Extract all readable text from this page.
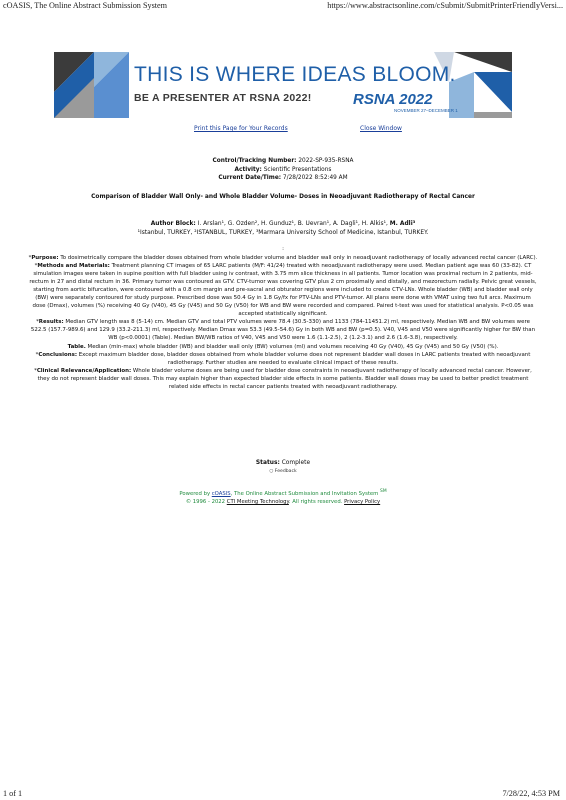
cOASIS, The Online Abstract Submission System	https://www.abstractsonline.com/cSubmit/SubmitPrinterFriendlyVersi...
THIS IS WHERE IDEAS BLOOM.
BE A PRESENTER AT RSNA 2022!	RSNA 2022
NOVEMBER 27–DECEMBER 1
Print this Page for Your Records	Close Window
Control/Tracking Number: 2022-SP-935-RSNA
Activity: Scientific Presentations
Current Date/Time: 7/28/2022 8:52:49 AM
Comparison of Bladder Wall Only- and Whole Bladder Volume- Doses in Neoadjuvant Radiotherapy of Rectal Cancer
Author Block: I. Arslan¹, G. Ozden², H. Gunduz¹, B. Uevran¹, A. Dagli¹, H. Alkis¹, M. Adli³
¹Istanbul, TURKEY, ²ISTANBUL, TURKEY, ³Marmara University School of Medicine, Istanbul, TURKEY.
:

*Purpose: To dosimetrically compare the bladder doses obtained from whole bladder volume and bladder wall only in neoadjuvant radiotherapy of locally advanced rectal cancer (LARC).

*Methods and Materials: Treatment planning CT images of 65 LARC patients (M/F: 41/24) treated with neoadjuvant radiotherapy were used. Median patient age was 60 (33-82). CT simulation images were taken in supine position with full bladder using iv contrast, with 3.75 mm slice thickness in all patients. Tumor location was proximal rectum in 2 patients, mid-rectum in 27 and distal rectum in 36. Primary tumor was contoured as GTV. CTV-tumor was covering GTV plus 2 cm proximally and distally, and mezorectum radially. Pelvic great vessels, starting from aortic bifurcation, were contoured with a 0.8 cm margin and pre-sacral and obturator regions were included to create CTV-LNs. Whole bladder (WB) and bladder wall only (BW) were separately contoured for study purpose. Prescribed dose was 50.4 Gy in 1.8 Gy/fx for PTV-LNs and PTV-tumor. All plans were done with VMAT using two full arcs. Maximum dose (Dmax), volumes (%) receiving 40 Gy (V40), 45 Gy (V45) and 50 Gy (V50) for WB and BW were recorded and compared. Paired t-test was used for statistical analysis. P<0.05 was accepted statistically significant.

*Results: Median GTV length was 8 (5-14) cm. Median GTV and total PTV volumes were 78.4 (30.5-330) and 1133 (784-11451.2) ml, respectively. Median WB and BW volumes were 522.5 (157.7-989.6) and 129.9 (33.2-211.3) ml, respectively. Median Dmax was 53.3 (49.5-54.6) Gy in both WB and BW (p=0.5). V40, V45 and V50 were significantly higher for BW than WB (p<0.0001) (Table). Median BW/WB ratios of V40, V45 and V50 were 1.6 (1.1-2.5), 2 (1.2-3.1) and 2.6 (1.6-3.8), respectively.

Table. Median (min-max) whole bladder (WB) and bladder wall only (BW) volumes (ml) and volumes receiving 40 Gy (V40), 45 Gy (V45) and 50 Gy (V50) (%).

*Conclusions: Except maximum bladder dose, bladder doses obtained from whole bladder volume does not represent bladder wall doses in LARC patients treated with neoadjuvant radiotherapy. Further studies are needed to evaluate clinical impact of these results.

*Clinical Relevance/Application: Whole bladder volume doses are being used for bladder dose constraints in neoadjuvant radiotherapy of locally advanced rectal cancer. However, they do not represent bladder wall doses. This may explain higher than expected bladder side effects in some patients. Bladder wall doses may be used to better predict treatment related side effects in rectal cancer patients treated with neoadjuvant radiotherapy.

Status: Complete
○ Feedback
Powered by cOASIS, The Online Abstract Submission and Invitation System ℠
© 1996 - 2022 CTI Meeting Technology. All rights reserved. Privacy Policy
1 of 1	7/28/22, 4:53 PM
